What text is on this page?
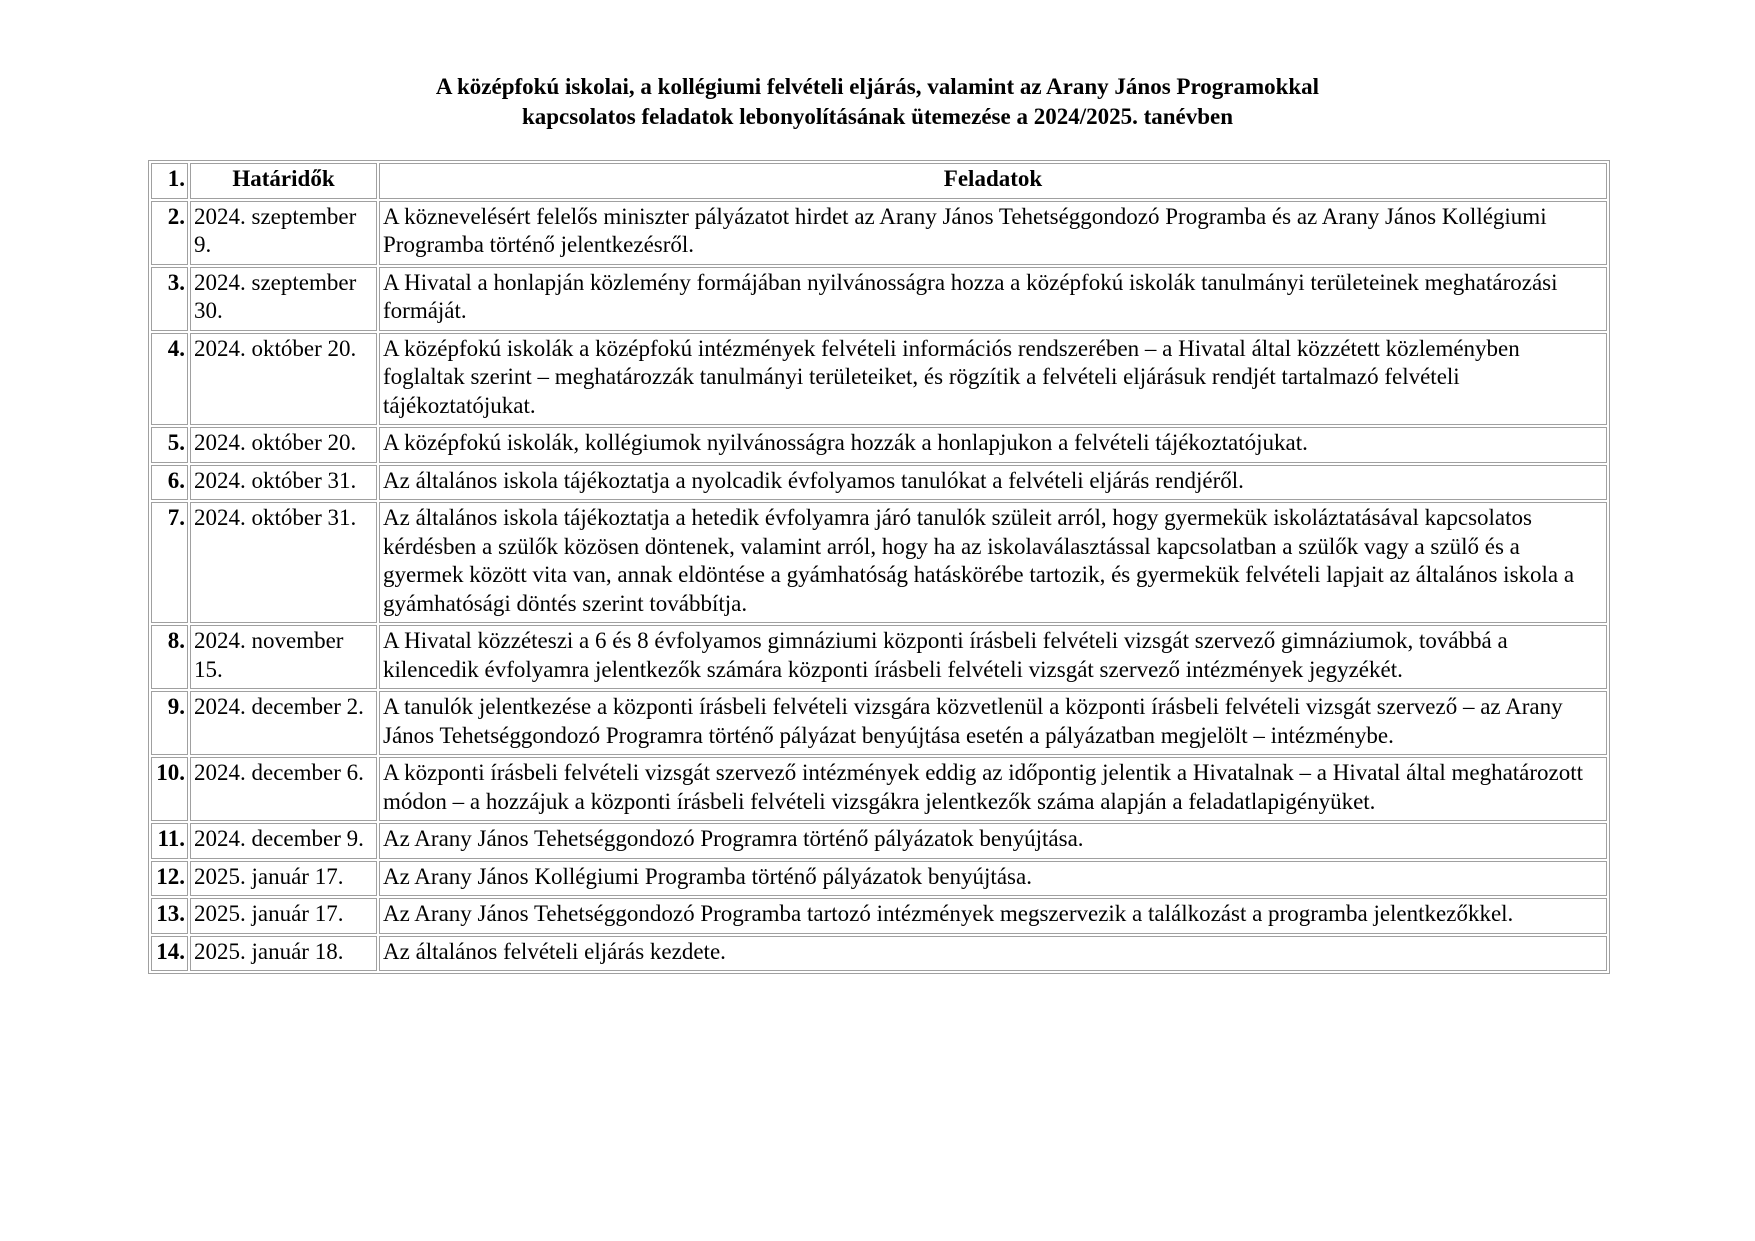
A középfokú iskolai, a kollégiumi felvételi eljárás, valamint az Arany János Programokkal
kapcsolatos feladatok lebonyolításának ütemezése a 2024/2025. tanévben
1.	Határidők	Feladatok
2.	2024. szeptember 9.	A köznevelésért felelős miniszter pályázatot hirdet az Arany János Tehetséggondozó Programba és az Arany János Kollégiumi Programba történő jelentkezésről.
3.	2024. szeptember 30.	A Hivatal a honlapján közlemény formájában nyilvánosságra hozza a középfokú iskolák tanulmányi területeinek meghatározási formáját.
4.	2024. október 20.	A középfokú iskolák a középfokú intézmények felvételi információs rendszerében – a Hivatal által közzétett közleményben foglaltak szerint – meghatározzák tanulmányi területeiket, és rögzítik a felvételi eljárásuk rendjét tartalmazó felvételi tájékoztatójukat.
5.	2024. október 20.	A középfokú iskolák, kollégiumok nyilvánosságra hozzák a honlapjukon a felvételi tájékoztatójukat.
6.	2024. október 31.	Az általános iskola tájékoztatja a nyolcadik évfolyamos tanulókat a felvételi eljárás rendjéről.
7.	2024. október 31.	Az általános iskola tájékoztatja a hetedik évfolyamra járó tanulók szüleit arról, hogy gyermekük iskoláztatásával kapcsolatos kérdésben a szülők közösen döntenek, valamint arról, hogy ha az iskolaválasztással kapcsolatban a szülők vagy a szülő és a gyermek között vita van, annak eldöntése a gyámhatóság hatáskörébe tartozik, és gyermekük felvételi lapjait az általános iskola a gyámhatósági döntés szerint továbbítja.
8.	2024. november 15.	A Hivatal közzéteszi a 6 és 8 évfolyamos gimnáziumi központi írásbeli felvételi vizsgát szervező gimnáziumok, továbbá a kilencedik évfolyamra jelentkezők számára központi írásbeli felvételi vizsgát szervező intézmények jegyzékét.
9.	2024. december 2.	A tanulók jelentkezése a központi írásbeli felvételi vizsgára közvetlenül a központi írásbeli felvételi vizsgát szervező – az Arany János Tehetséggondozó Programra történő pályázat benyújtása esetén a pályázatban megjelölt – intézménybe.
10.	2024. december 6.	A központi írásbeli felvételi vizsgát szervező intézmények eddig az időpontig jelentik a Hivatalnak – a Hivatal által meghatározott módon – a hozzájuk a központi írásbeli felvételi vizsgákra jelentkezők száma alapján a feladatlapigényüket.
11.	2024. december 9.	Az Arany János Tehetséggondozó Programra történő pályázatok benyújtása.
12.	2025. január 17.	Az Arany János Kollégiumi Programba történő pályázatok benyújtása.
13.	2025. január 17.	Az Arany János Tehetséggondozó Programba tartozó intézmények megszervezik a találkozást a programba jelentkezőkkel.
14.	2025. január 18.	Az általános felvételi eljárás kezdete.
